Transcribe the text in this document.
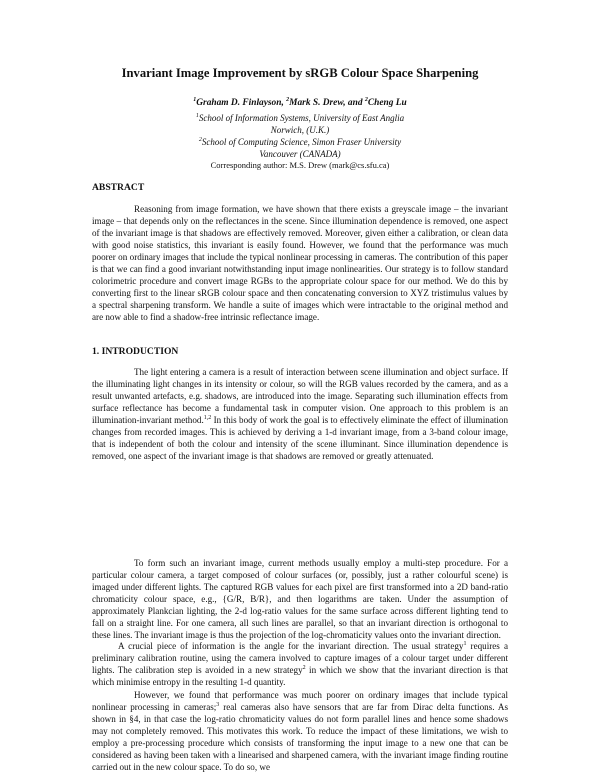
Invariant Image Improvement by sRGB Colour Space Sharpening
$^1$Graham D. Finlayson, $^2$Mark S. Drew, and $^2$Cheng Lu
$^1$School of Information Systems, University of East Anglia
Norwich, (U.K.)
$^2$School of Computing Science, Simon Fraser University
Vancouver (CANADA)
Corresponding author: M.S. Drew (mark@cs.sfu.ca)
ABSTRACT

Reasoning from image formation, we have shown that there exists a greyscale image – the invariant image – that depends only on the reflectances in the scene. Since illumination dependence is removed, one aspect of the invariant image is that shadows are effectively removed. Moreover, given either a calibration, or clean data with good noise statistics, this invariant is easily found. However, we found that the performance was much poorer on ordinary images that include the typical nonlinear processing in cameras. The contribution of this paper is that we can find a good invariant notwithstanding input image nonlinearities. Our strategy is to follow standard colorimetric procedure and convert image RGBs to the appropriate colour space for our method. We do this by converting first to the linear sRGB colour space and then concatenating conversion to XYZ tristimulus values by a spectral sharpening transform. We handle a suite of images which were intractable to the original method and are now able to find a shadow-free intrinsic reflectance image.

1. INTRODUCTION

The light entering a camera is a result of interaction between scene illumination and object surface. If the illuminating light changes in its intensity or colour, so will the RGB values recorded by the camera, and as a result unwanted artefacts, e.g. shadows, are introduced into the image. Separating such illumination effects from surface reflectance has become a fundamental task in computer vision. One approach to this problem is an illumination-invariant method.$^{1,2}$ In this body of work the goal is to effectively eliminate the effect of illumination changes from recorded images. This is achieved by deriving a 1-d invariant image, from a 3-band colour image, that is independent of both the colour and intensity of the scene illuminant. Since illumination dependence is removed, one aspect of the invariant image is that shadows are removed or greatly attenuated.

To form such an invariant image, current methods usually employ a multi-step procedure. For a particular colour camera, a target composed of colour surfaces (or, possibly, just a rather colourful scene) is imaged under different lights. The captured RGB values for each pixel are first transformed into a 2D band-ratio chromaticity colour space, e.g., {G/R, B/R}, and then logarithms are taken. Under the assumption of approximately Plankcian lighting, the 2-d log-ratio values for the same surface across different lighting tend to fall on a straight line. For one camera, all such lines are parallel, so that an invariant direction is orthogonal to these lines. The invariant image is thus the projection of the log-chromaticity values onto the invariant direction.

A crucial piece of information is the angle for the invariant direction. The usual strategy$^1$ requires a preliminary calibration routine, using the camera involved to capture images of a colour target under different lights. The calibration step is avoided in a new strategy$^2$ in which we show that the invariant direction is that which minimise entropy in the resulting 1-d quantity.

However, we found that performance was much poorer on ordinary images that include typical nonlinear processing in cameras;$^3$ real cameras also have sensors that are far from Dirac delta functions. As shown in §4, in that case the log-ratio chromaticity values do not form parallel lines and hence some shadows may not completely removed. This motivates this work. To reduce the impact of these limitations, we wish to employ a pre-processing procedure which consists of transforming the input image to a new one that can be considered as having been taken with a linearised and sharpened camera, with the invariant image finding routine carried out in the new colour space. To do so, we
